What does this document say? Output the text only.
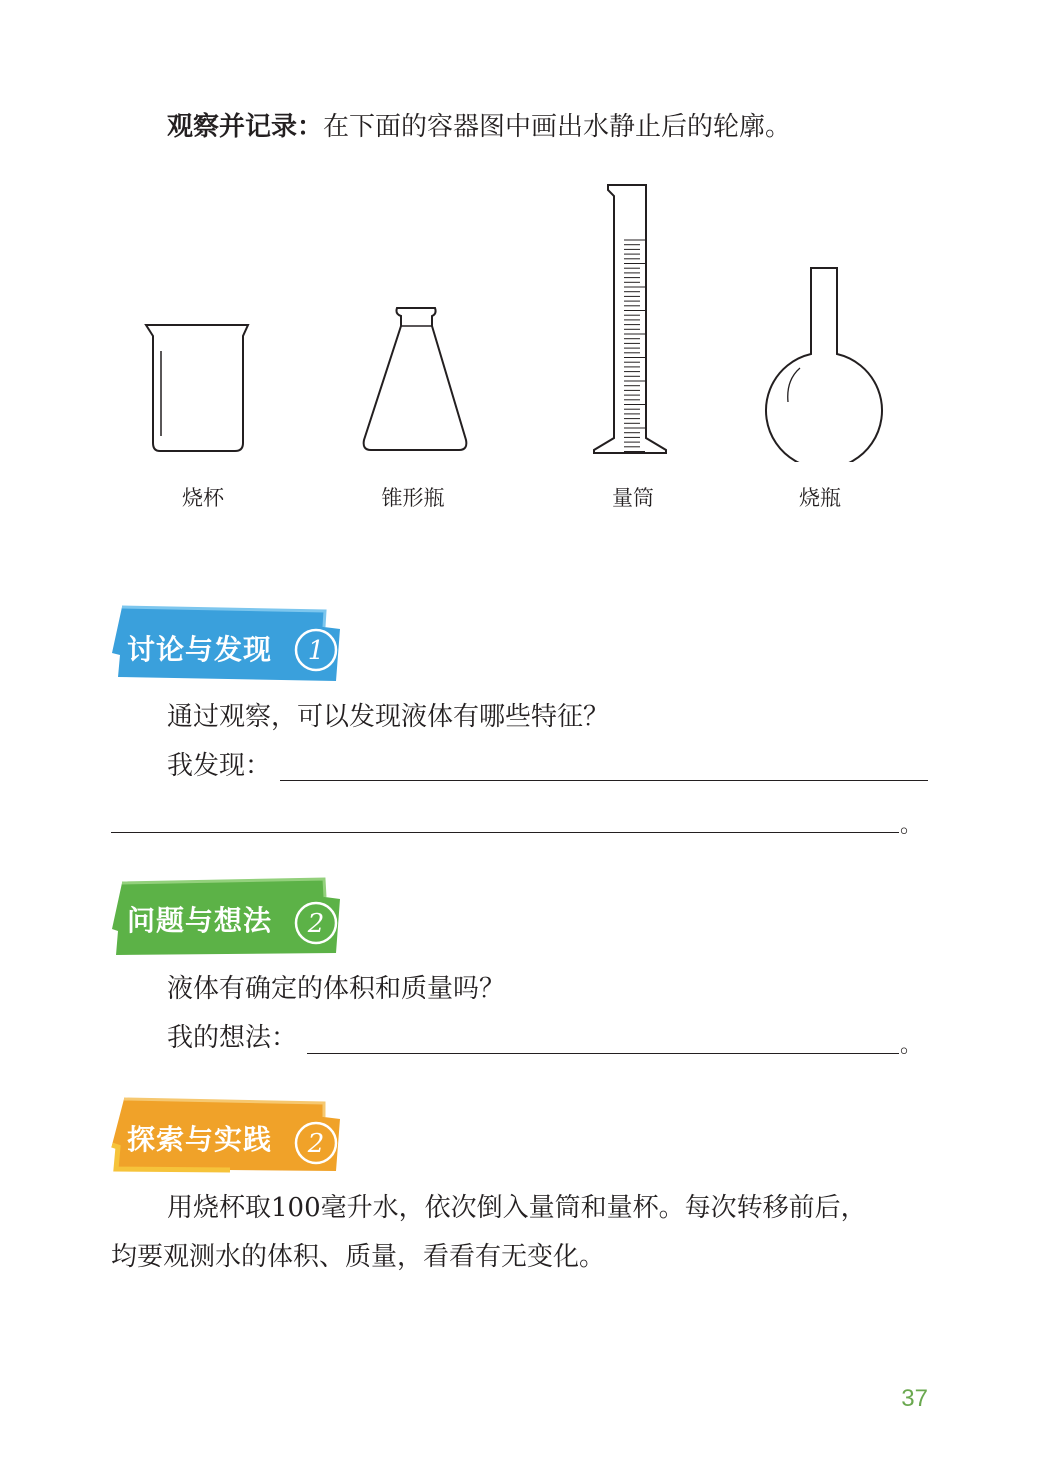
观察并记录：在下面的容器图中画出水静止后的轮廓。
烧杯	锥形瓶	量筒	烧瓶
讨论与发现 1
通过观察，可以发现液体有哪些特征？
我发现：
。
问题与想法 2
液体有确定的体积和质量吗？
我的想法：	。
探索与实践 2
用烧杯取100毫升水，依次倒入量筒和量杯。每次转移前后，
均要观测水的体积、质量，看看有无变化。
37
